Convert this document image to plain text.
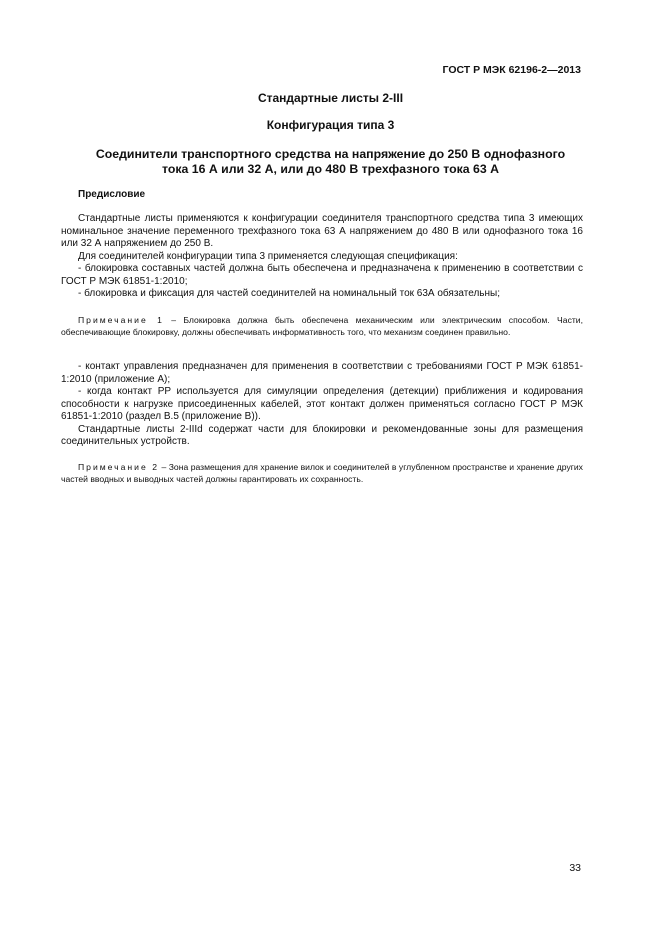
ГОСТ Р МЭК 62196-2—2013
Стандартные листы 2-III
Конфигурация типа 3
Соединители транспортного средства на напряжение до 250 В однофазного
тока 16 А или 32 А, или до 480 В трехфазного тока 63 А
Предисловие

Стандартные листы применяются к конфигурации соединителя транспортного средства типа 3 имеющих номинальное значение переменного трехфазного тока 63 А напряжением до 480 В или однофазного тока 16 или 32 А напряжением до 250 В.

Для соединителей конфигурации типа 3 применяется следующая спецификация:

- блокировка составных частей должна быть обеспечена и предназначена к применению в соответствии с ГОСТ Р МЭК 61851-1:2010;

- блокировка и фиксация для частей соединителей на номинальный ток 63А обязательны;

Примечание 1 – Блокировка должна быть обеспечена механическим или электрическим способом. Части, обеспечивающие блокировку, должны обеспечивать информативность того, что механизм соединен правильно.

- контакт управления предназначен для применения в соответствии с требованиями ГОСТ Р МЭК 61851-1:2010 (приложение А);

- когда контакт PP используется для симуляции определения (детекции) приближения и кодирования способности к нагрузке присоединенных кабелей, этот контакт должен применяться согласно ГОСТ Р МЭК 61851-1:2010 (раздел B.5 (приложение B)).

Стандартные листы 2-IIId содержат части для блокировки и рекомендованные зоны для размещения соединительных устройств.

Примечание 2 – Зона размещения для хранение вилок и соединителей в углубленном пространстве и хранение других частей вводных и выводных частей должны гарантировать их сохранность.

33
